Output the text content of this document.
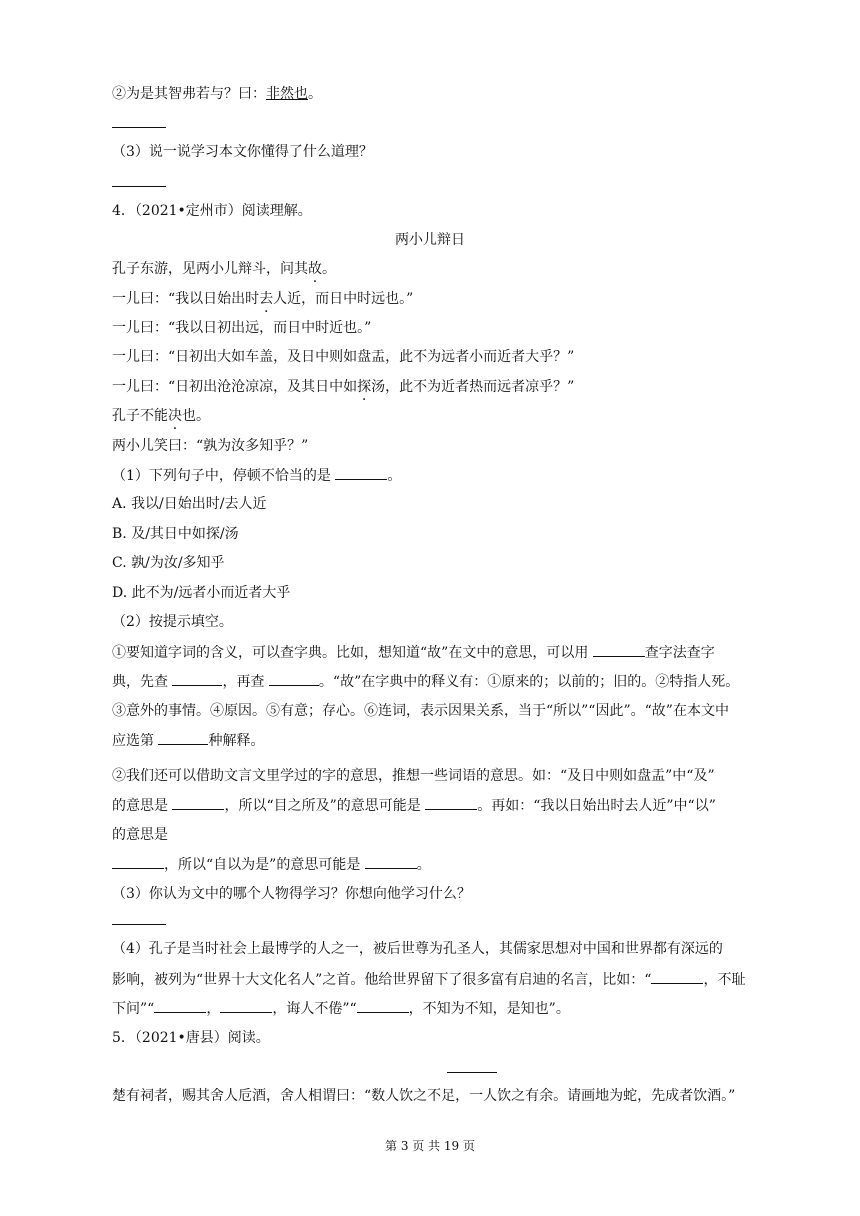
②为是其智弗若与？曰：非然也。
（3）说一说学习本文你懂得了什么道理？
4．（2021•定州市）阅读理解。
两小儿辩日
孔子东游，见两小儿辩斗，问其故。
一儿曰：“我以日始出时去人近，而日中时远也。”
一儿曰：“我以日初出远，而日中时近也。”
一儿曰：“日初出大如车盖，及日中则如盘盂，此不为远者小而近者大乎？”
一儿曰：“日初出沧沧凉凉，及其日中如探汤，此不为近者热而远者凉乎？”
孔子不能决也。
两小儿笑曰：“孰为汝多知乎？”
（1）下列句子中，停顿不恰当的是	。
A. 我以/日始出时/去人近
B. 及/其日中如探/汤
C. 孰/为汝/多知乎
D. 此不为/远者小而近者大乎
（2）按提示填空。
①要知道字词的含义，可以查字典。比如，想知道“故”在文中的意思，可以用	查字法查字
典，先查	，再查	。“故”在字典中的释义有：①原来的；以前的；旧的。②特指人死。
③意外的事情。④原因。⑤有意；存心。⑥连词，表示因果关系，当于“所以”“因此”。“故”在本文中
应选第	种解释。
②我们还可以借助文言文里学过的字的意思，推想一些词语的意思。如：“及日中则如盘盂”中“及”
的意思是	，所以“目之所及”的意思可能是	。再如：“我以日始出时去人近”中“以”
的意思是
，所以“自以为是”的意思可能是	。
（3）你认为文中的哪个人物得学习？你想向他学习什么？
（4）孔子是当时社会上最博学的人之一，被后世尊为孔圣人，其儒家思想对中国和世界都有深远的
影响，被列为“世界十大文化名人”之首。他给世界留下了很多富有启迪的名言，比如：“	，不耻
下问”“	，	，诲人不倦”“	，不知为不知，是知也”。
5．（2021•唐县）阅读。
楚有祠者，赐其舍人卮酒，舍人相谓曰：“数人饮之不足，一人饮之有余。请画地为蛇，先成者饮酒。”
第 3 页 共 19 页
